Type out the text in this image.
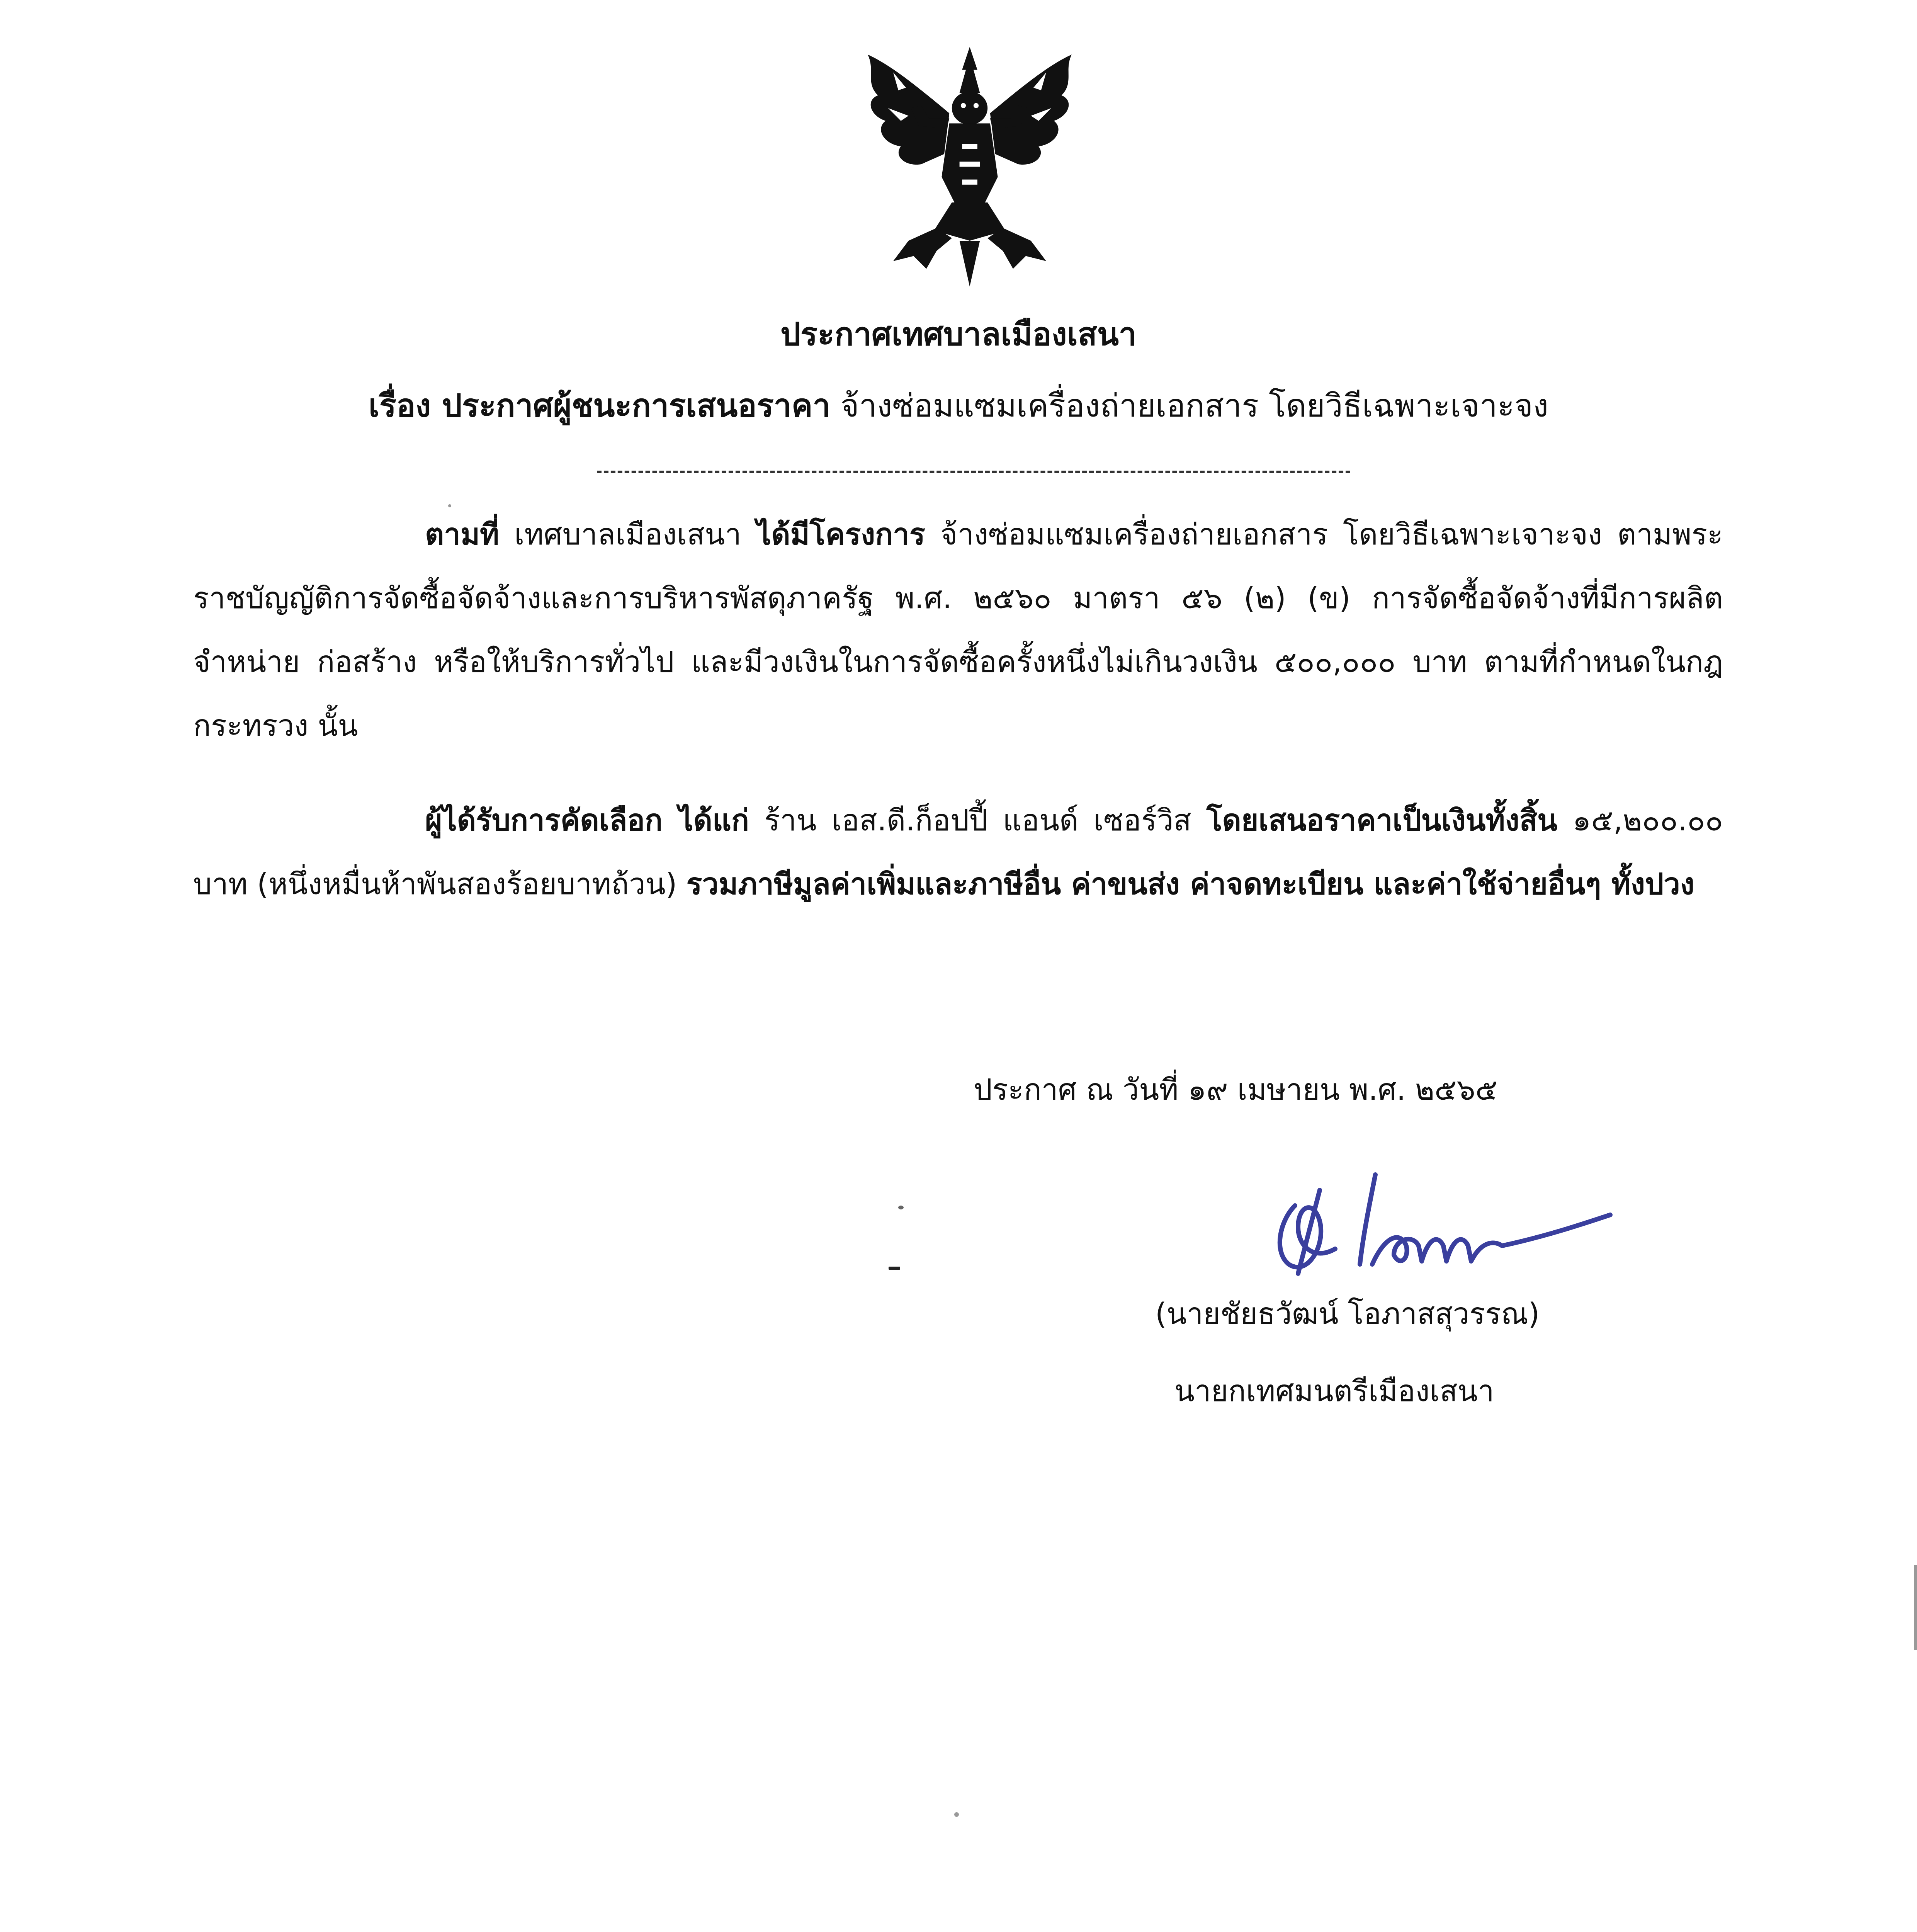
ประกาศเทศบาลเมืองเสนา
เรื่อง ประกาศผู้ชนะการเสนอราคา จ้างซ่อมแซมเครื่องถ่ายเอกสาร โดยวิธีเฉพาะเจาะจง
ตามที่ เทศบาลเมืองเสนา ได้มีโครงการ จ้างซ่อมแซมเครื่องถ่ายเอกสาร โดยวิธีเฉพาะเจาะจง ตามพระราชบัญญัติการจัดซื้อจัดจ้างและการบริหารพัสดุภาครัฐ พ.ศ. ๒๕๖๐ มาตรา ๕๖ (๒) (ข) การจัดซื้อจัดจ้างที่มีการผลิต จำหน่าย ก่อสร้าง หรือให้บริการทั่วไป และมีวงเงินในการจัดซื้อครั้งหนึ่งไม่เกินวงเงิน ๕๐๐,๐๐๐ บาท ตามที่กำหนดในกฎกระทรวง นั้น
ผู้ได้รับการคัดเลือก ได้แก่ ร้าน เอส.ดี.ก็อปปี้ แอนด์ เซอร์วิส โดยเสนอราคาเป็นเงินทั้งสิ้น ๑๕,๒๐๐.๐๐ บาท (หนึ่งหมื่นห้าพันสองร้อยบาทถ้วน) รวมภาษีมูลค่าเพิ่มและภาษีอื่น ค่าขนส่ง ค่าจดทะเบียน และค่าใช้จ่ายอื่นๆ ทั้งปวง
ประกาศ ณ วันที่ ๑๙ เมษายน พ.ศ. ๒๕๖๕
(นายชัยธวัฒน์ โอภาสสุวรรณ)
นายกเทศมนตรีเมืองเสนา
